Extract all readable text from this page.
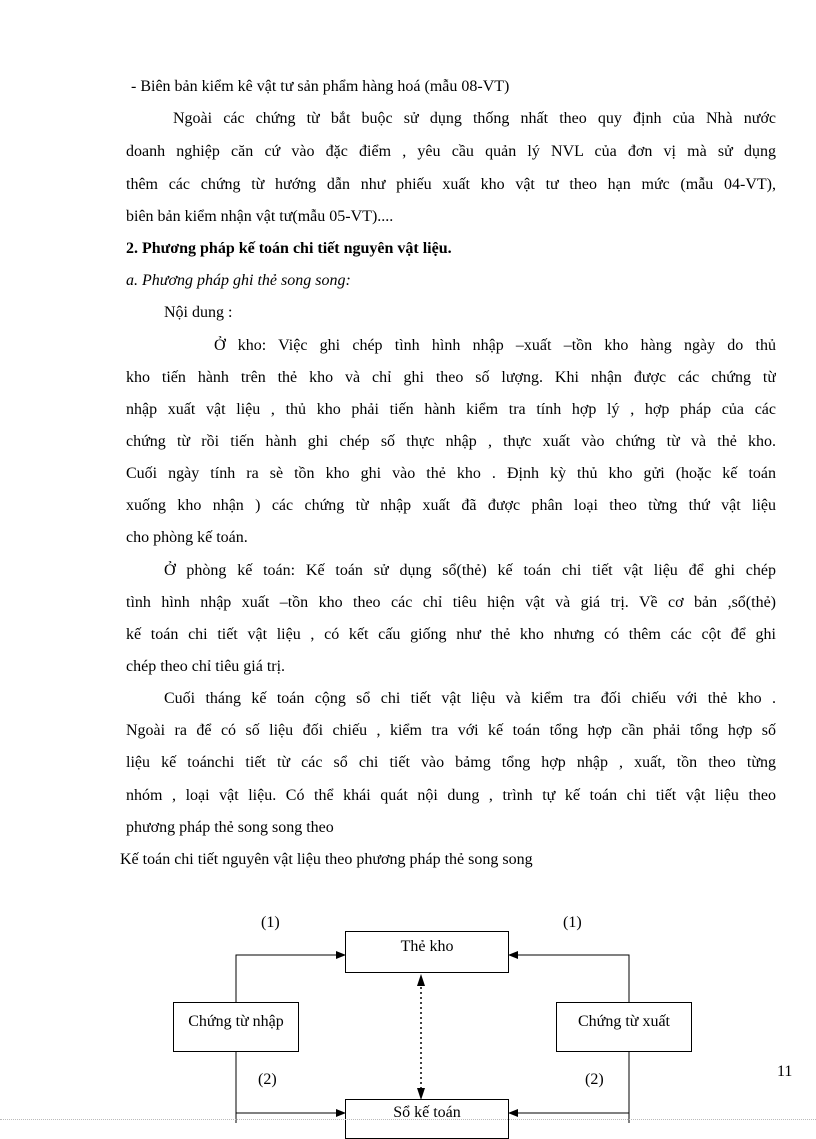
- Biên bản kiểm kê vật tư sản phẩm hàng hoá (mẫu 08-VT)
Ngoài các chứng từ bắt buộc sử dụng thống nhất theo quy định của Nhà nước
doanh nghiệp căn cứ vào đặc điểm , yêu cầu quản lý NVL của đơn vị mà sử dụng
thêm các chứng từ hướng dẫn như phiếu xuất kho vật tư theo hạn mức (mẫu 04-VT),
biên bản kiểm nhận vật tư(mẫu 05-VT)....
2. Phương pháp kế toán chi tiết nguyên vật liệu.
a. Phương pháp ghi thẻ song song:
Nội dung :
Ở kho: Việc ghi chép tình hình nhập –xuất –tồn kho hàng ngày do thủ
kho tiến hành trên thẻ kho và chỉ ghi theo số lượng. Khi nhận được các chứng từ
nhập xuất vật liệu , thủ kho phải tiến hành kiểm tra tính hợp lý , hợp pháp của các
chứng từ rồi tiến hành ghi chép số thực nhập , thực xuất vào chứng từ và thẻ kho.
Cuối ngày tính ra sè tồn kho ghi vào thẻ kho . Định kỳ thủ kho gửi (hoặc kế toán
xuống kho nhận ) các chứng từ nhập xuất đã được phân loại theo từng thứ vật liệu
cho phòng kế toán.
Ở phòng kế toán: Kế toán sử dụng sổ(thẻ) kế toán chi tiết vật liệu để ghi chép
tình hình nhập xuất –tồn kho theo các chỉ tiêu hiện vật và giá trị. Về cơ bản ,sổ(thẻ)
kế toán chi tiết vật liệu , có kết cấu giống như thẻ kho nhưng có thêm các cột để ghi
chép theo chỉ tiêu giá trị.
Cuối tháng kế toán cộng sổ chi tiết vật liệu và kiểm tra đối chiếu với thẻ kho .
Ngoài ra để có số liệu đối chiếu , kiểm tra với kế toán tổng hợp cần phải tổng hợp số
liệu kế toánchi tiết từ các sổ chi tiết vào bảmg tổng hợp nhập , xuất, tồn theo từng
nhóm , loại vật liệu. Có thể khái quát nội dung , trình tự kế toán chi tiết vật liệu theo
phương pháp thẻ song song theo
Kế toán chi tiết nguyên vật liệu theo phương pháp thẻ song song
Thẻ kho
Chứng từ nhập	Chứng từ xuất
Sổ kế toán
(1)	(1)
(2)	(2)	11
